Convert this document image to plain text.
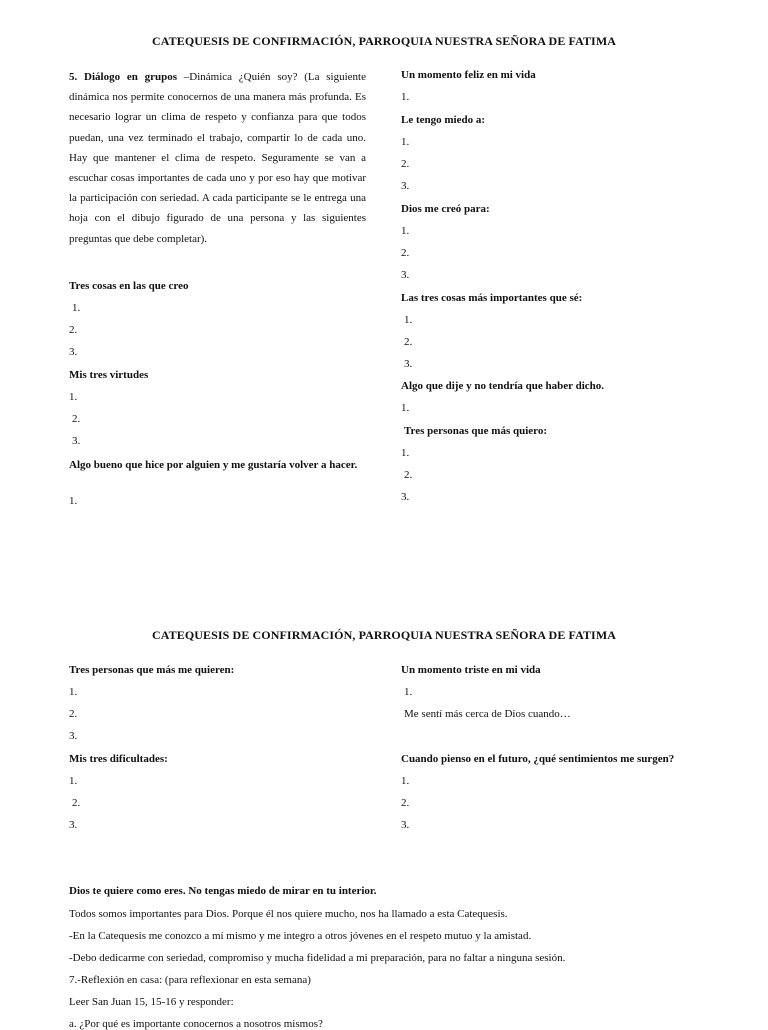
CATEQUESIS DE CONFIRMACIÓN, PARROQUIA NUESTRA SEÑORA DE FATIMA
5. Diálogo en grupos –Dinámica ¿Quién soy? (La siguiente dinámica nos permite conocernos de una manera más profunda. Es necesario lograr un clima de respeto y confianza para que todos puedan, una vez terminado el trabajo, compartir lo de cada uno. Hay que mantener el clima de respeto. Seguramente se van a escuchar cosas importantes de cada uno y por eso hay que motivar la participación con seriedad. A cada participante se le entrega una hoja con el dibujo figurado de una persona y las siguientes preguntas que debe completar).
Tres cosas en las que creo
1.
2.
3.
Mis tres virtudes
1.
2.
3.
Algo bueno que hice por alguien y me gustaría volver a hacer.
1.
Un momento feliz en mi vida
1.
Le tengo miedo a:
1.
2.
3.
Dios me creó para:
1.
2.
3.
Las tres cosas más importantes que sé:
1.
2.
3.
Algo que dije y no tendría que haber dicho.
1.
Tres personas que más quiero:
1.
2.
3.
CATEQUESIS DE CONFIRMACIÓN, PARROQUIA NUESTRA SEÑORA DE FATIMA
Tres personas que más me quieren:
1.
2.
3.
Mis tres dificultades:
1.
2.
3.
Un momento triste en mi vida
1.
Me sentí más cerca de Dios cuando…
Cuando pienso en el futuro, ¿qué sentimientos me surgen?
1.
2.
3.
Dios te quiere como eres. No tengas miedo de mirar en tu interior.
Todos somos importantes para Dios. Porque él nos quiere mucho, nos ha llamado a esta Catequesis.
-En la Catequesis me conozco a mí mismo y me integro a otros jóvenes en el respeto mutuo y la amistad.
-Debo dedicarme con seriedad, compromiso y mucha fidelidad a mi preparación, para no faltar a ninguna sesión.
7.-Reflexión en casa: (para reflexionar en esta semana)
Leer San Juan 15, 15-16 y responder:
a. ¿Por qué es importante conocernos a nosotros mismos?
